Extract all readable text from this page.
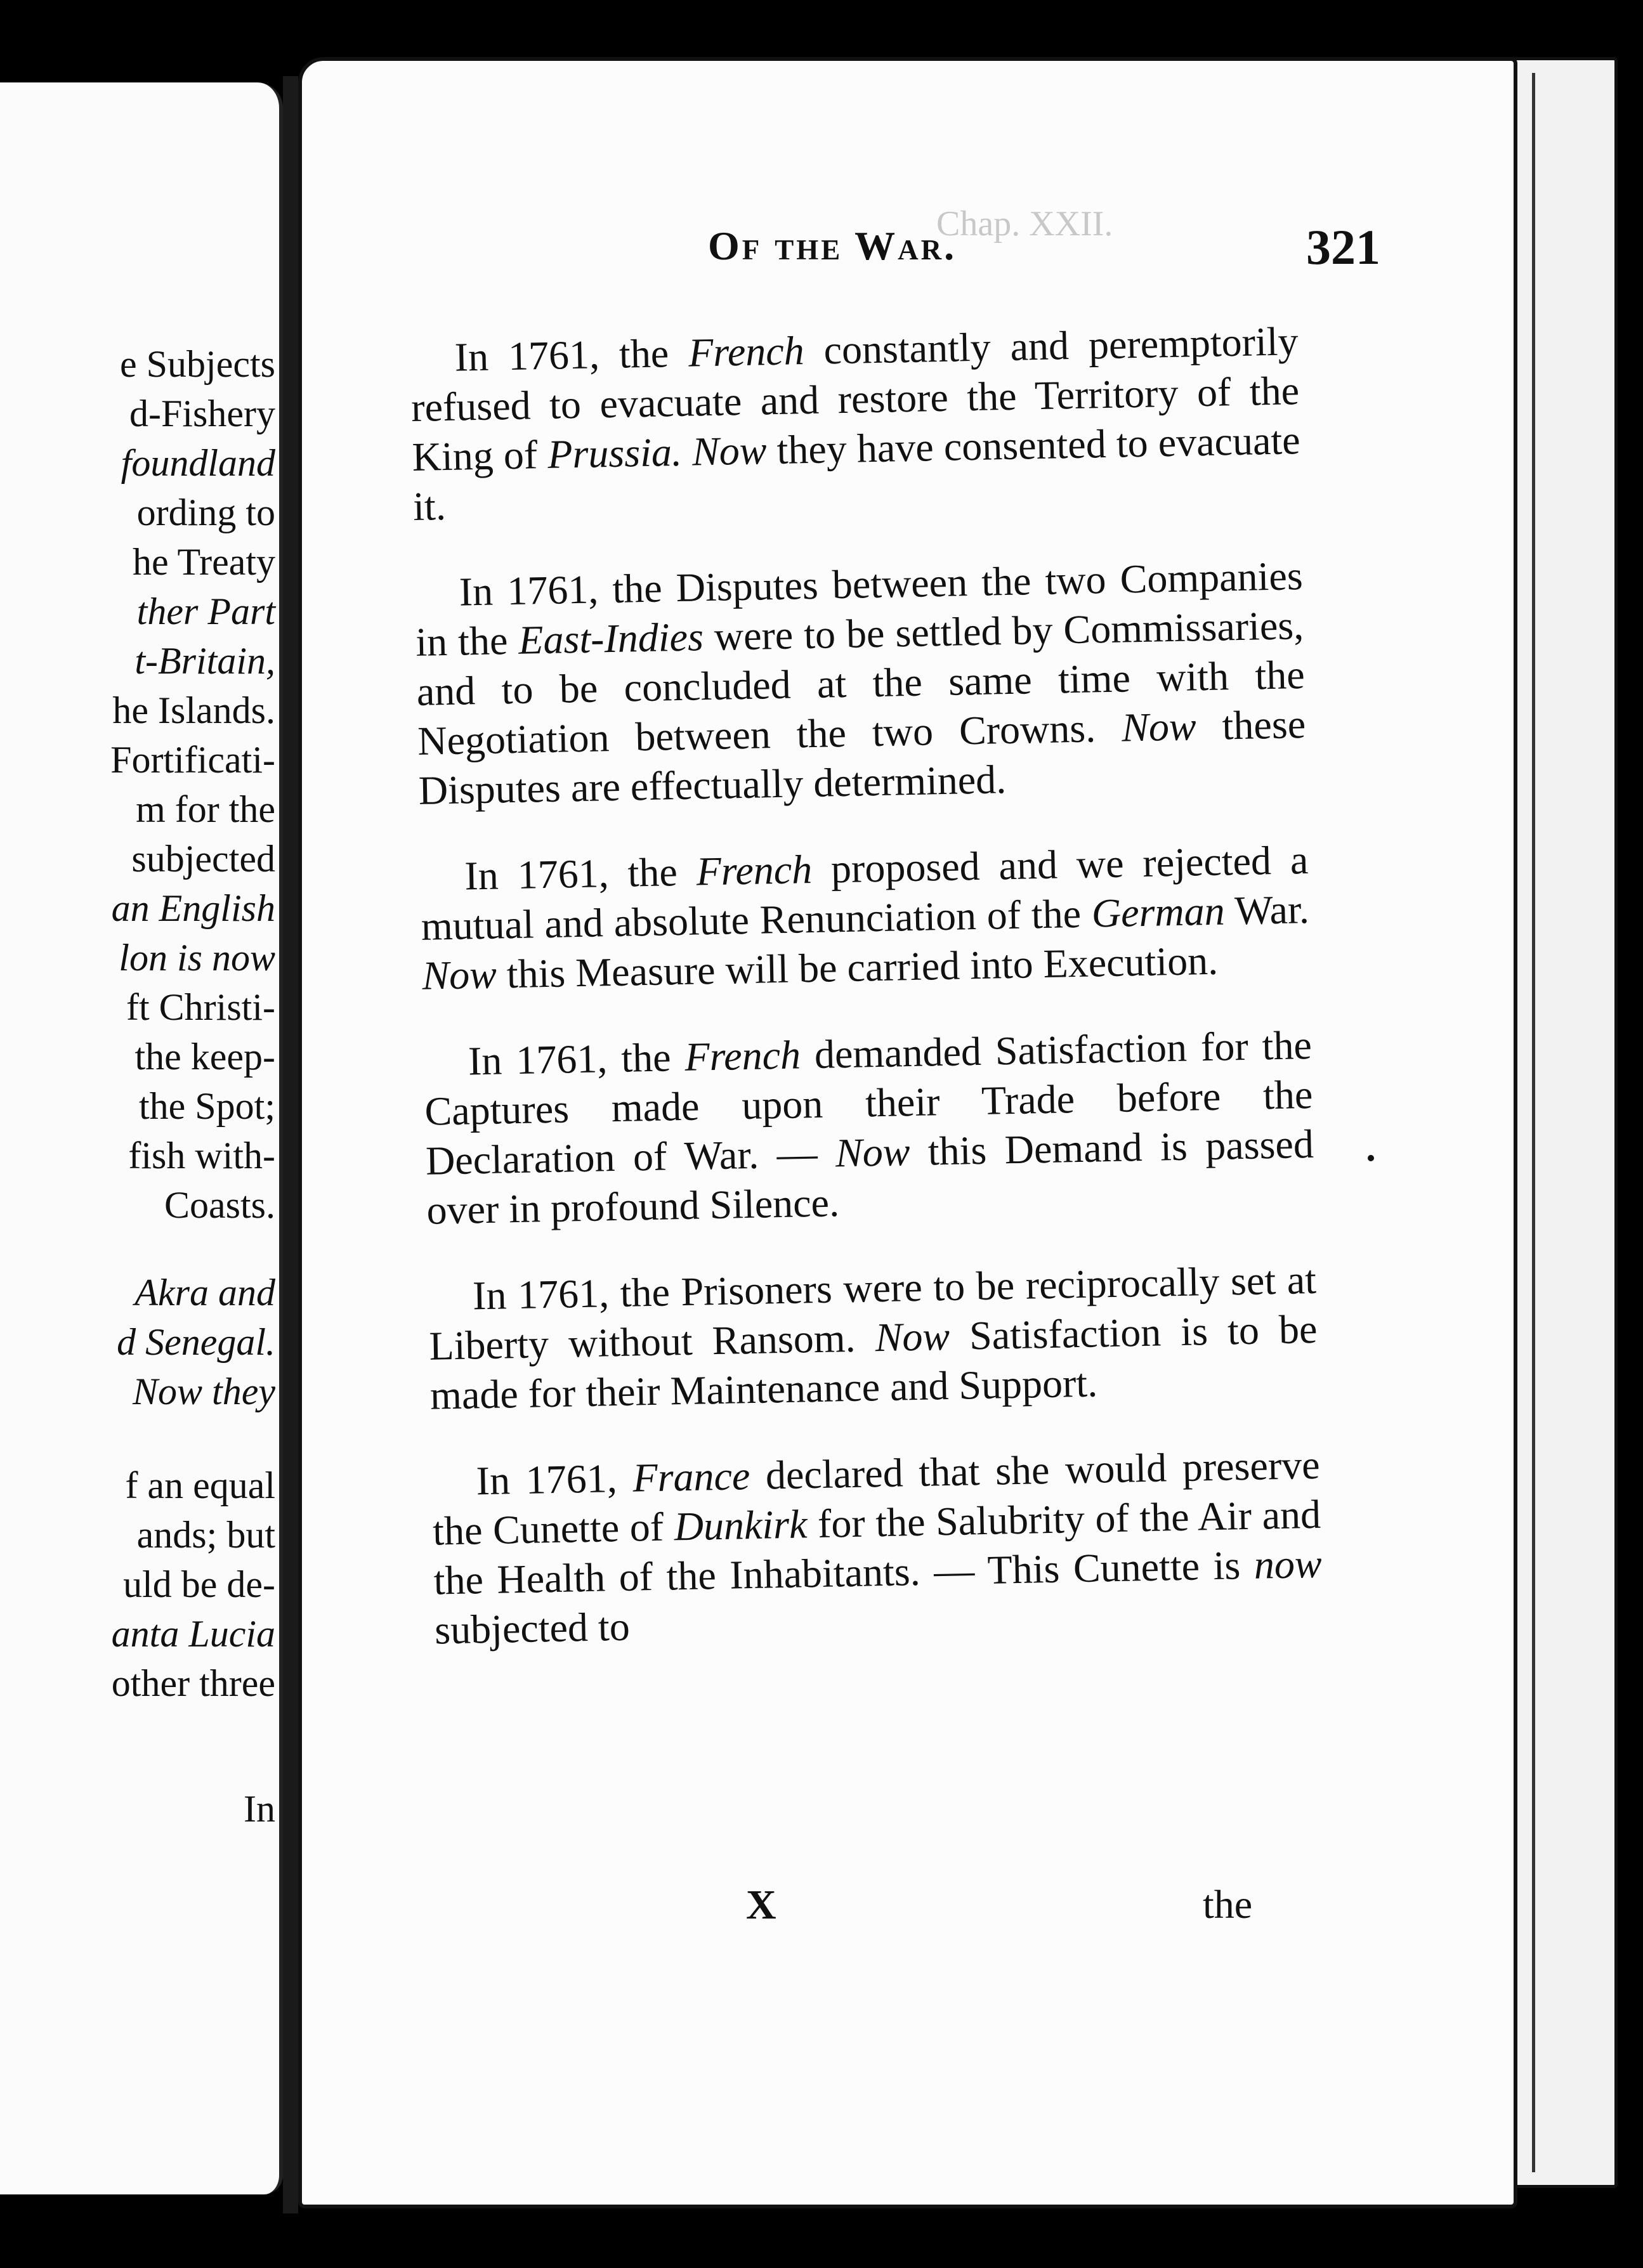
e Subjects

d-Fishery

foundland

ording to

he Treaty

ther Part

t-Britain,

he Islands.

Fortificati-

m for the

subjected

an English

lon is now

ft Christi-

the keep-

the Spot;

fish with-

Coasts.

Akra and

d Senegal.

Now they

f an equal

ands; but

uld be de-

anta Lucia

other three

In

Chap. XXII.

Of the War.	321

In 1761, the French constantly and peremptorily refused to evacuate and restore the Territory of the King of Prussia. Now they have consented to evacuate it.

In 1761, the Disputes between the two Companies in the East-Indies were to be settled by Commissaries, and to be concluded at the same time with the Negotiation between the two Crowns. Now these Disputes are effectually determined.

In 1761, the French proposed and we rejected a mutual and absolute Renunciation of the German War. Now this Measure will be carried into Execution.

In 1761, the French demanded Satisfaction for the Captures made upon their Trade before the Declaration of War. — Now this Demand is passed over in profound Silence.

In 1761, the Prisoners were to be reciprocally set at Liberty without Ransom. Now Satisfaction is to be made for their Maintenance and Support.

In 1761, France declared that she would preserve the Cunette of Dunkirk for the Salubrity of the Air and the Health of the Inhabitants. — This Cunette is now subjected to

X	the
